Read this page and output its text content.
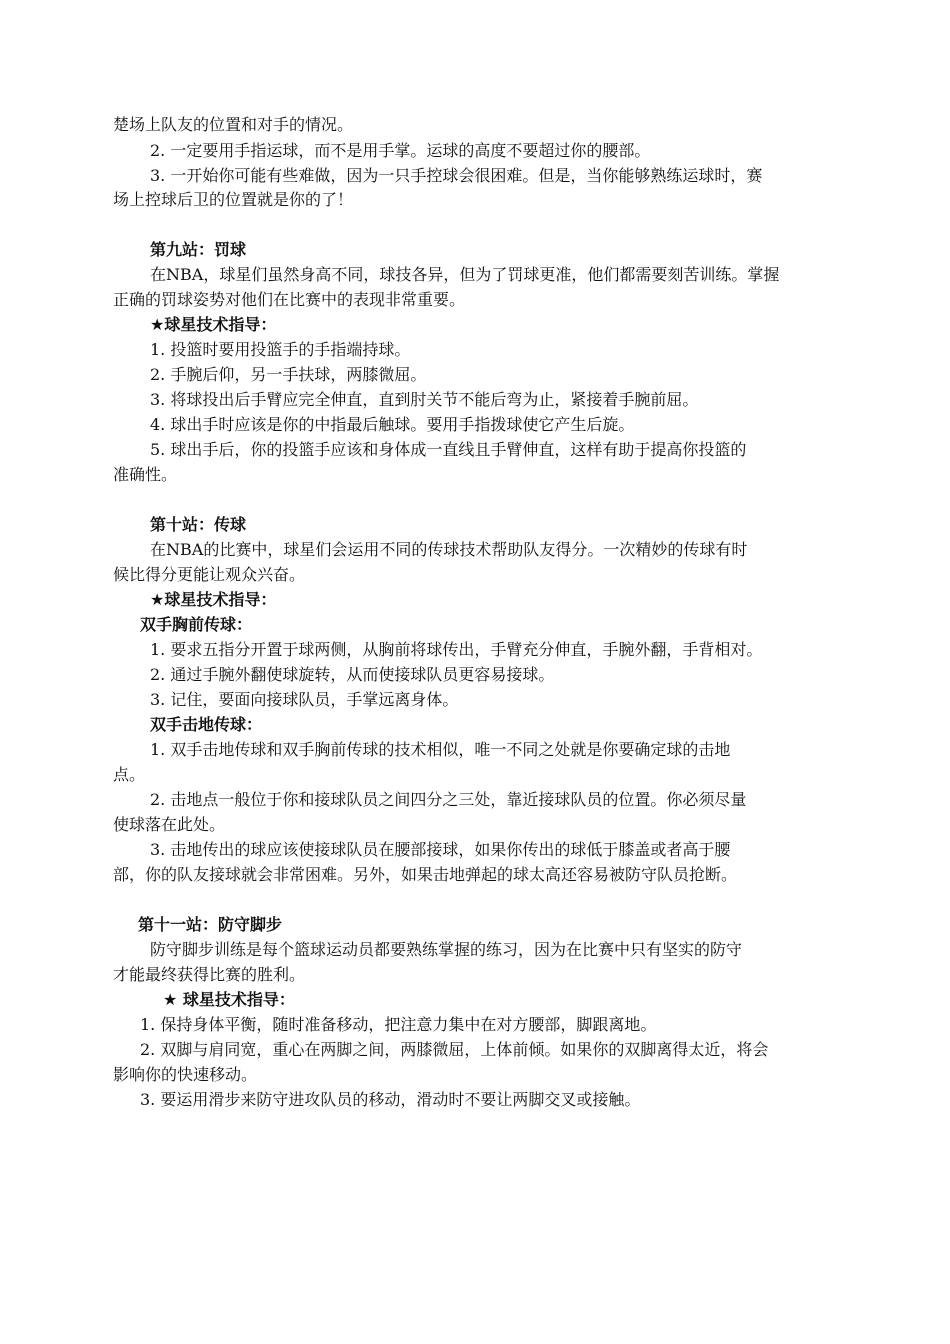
楚场上队友的位置和对手的情况。
2. 一定要用手指运球，而不是用手掌。运球的高度不要超过你的腰部。
3. 一开始你可能有些难做，因为一只手控球会很困难。但是，当你能够熟练运球时，赛
场上控球后卫的位置就是你的了！
第九站：罚球
在NBA，球星们虽然身高不同，球技各异，但为了罚球更准，他们都需要刻苦训练。掌握
正确的罚球姿势对他们在比赛中的表现非常重要。
★球星技术指导：
1. 投篮时要用投篮手的手指端持球。
2. 手腕后仰，另一手扶球，两膝微屈。
3. 将球投出后手臂应完全伸直，直到肘关节不能后弯为止，紧接着手腕前屈。
4. 球出手时应该是你的中指最后触球。要用手指拨球使它产生后旋。
5. 球出手后，你的投篮手应该和身体成一直线且手臂伸直，这样有助于提高你投篮的
准确性。
第十站：传球
在NBA的比赛中，球星们会运用不同的传球技术帮助队友得分。一次精妙的传球有时
候比得分更能让观众兴奋。
★球星技术指导：
双手胸前传球：
1. 要求五指分开置于球两侧，从胸前将球传出，手臂充分伸直，手腕外翻，手背相对。
2. 通过手腕外翻使球旋转，从而使接球队员更容易接球。
3. 记住，要面向接球队员，手掌远离身体。
双手击地传球：
1. 双手击地传球和双手胸前传球的技术相似，唯一不同之处就是你要确定球的击地
点。
2. 击地点一般位于你和接球队员之间四分之三处，靠近接球队员的位置。你必须尽量
使球落在此处。
3. 击地传出的球应该使接球队员在腰部接球，如果你传出的球低于膝盖或者高于腰
部，你的队友接球就会非常困难。另外，如果击地弹起的球太高还容易被防守队员抢断。
第十一站：防守脚步
防守脚步训练是每个篮球运动员都要熟练掌握的练习，因为在比赛中只有坚实的防守
才能最终获得比赛的胜利。
★ 球星技术指导：
1. 保持身体平衡，随时准备移动，把注意力集中在对方腰部，脚跟离地。
2. 双脚与肩同宽，重心在两脚之间，两膝微屈，上体前倾。如果你的双脚离得太近，将会
影响你的快速移动。
3. 要运用滑步来防守进攻队员的移动，滑动时不要让两脚交叉或接触。
